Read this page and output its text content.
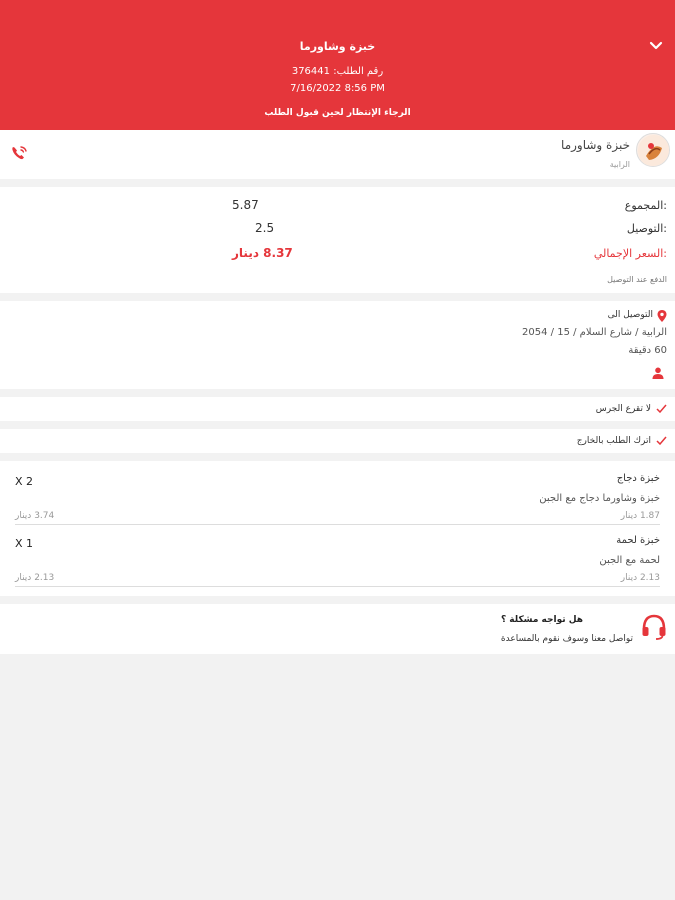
خبزة وشاورما
رقم الطلب: 376441
7/16/2022 8:56 PM
الرجاء الإنتظار لحين قبول الطلب
خبزة وشاورما
الرابية
المجموع:
5.87
التوصيل:
2.5
السعر الإجمالي:
8.37 دينار
الدفع عند التوصيل
التوصيل الى
الرابية / شارع السلام / 15 / 2054
60 دقيقة
لا تقرع الجرس
اترك الطلب بالخارج
خبزة دجاج
خبزة وشاورما دجاج مع الجبن
1.87 دينار
X 2
3.74 دينار
خبزة لحمة
لحمة مع الجبن
2.13 دينار
X 1
2.13 دينار
هل تواجه مشكلة ؟
تواصل معنا وسوف نقوم بالمساعدة
